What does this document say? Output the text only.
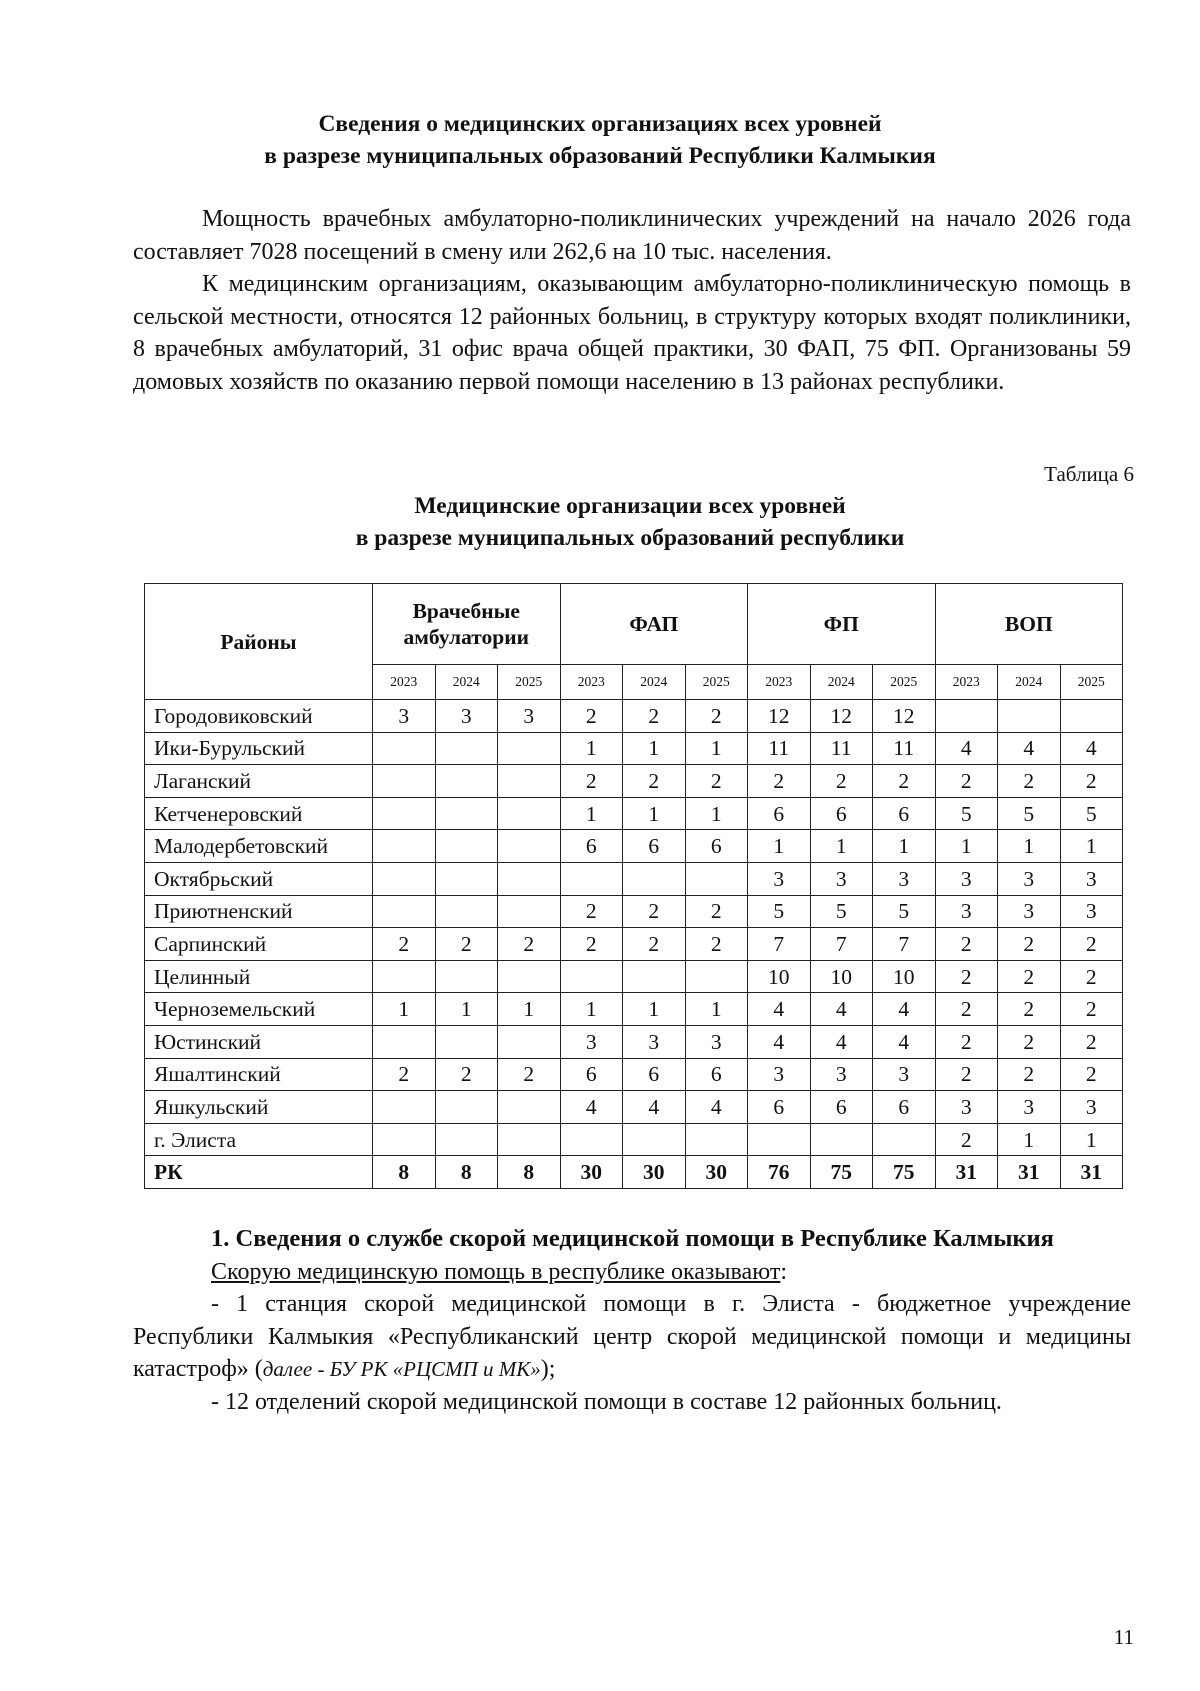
Сведения о медицинских организациях всех уровней
в разрезе муниципальных образований Республики Калмыкия

Мощность врачебных амбулаторно-поликлинических учреждений на начало 2026 года составляет 7028 посещений в смену или 262,6 на 10 тыс. населения.

К медицинским организациям, оказывающим амбулаторно-поликлиническую помощь в сельской местности, относятся 12 районных больниц, в структуру которых входят поликлиники, 8 врачебных амбулаторий, 31 офис врача общей практики, 30 ФАП, 75 ФП. Организованы 59 домовых хозяйств по оказанию первой помощи населению в 13 районах республики.

Таблица 6
Медицинские организации всех уровней
в разрезе муниципальных образований республики
Районы	Врачебные амбулатории			ФАП			ФП			ВОП		
	2023	2024	2025	2023	2024	2025	2023	2024	2025	2023	2024	2025
Городовиковский	3	3	3	2	2	2	12	12	12			
Ики-Бурульский				1	1	1	11	11	11	4	4	4
Лаганский				2	2	2	2	2	2	2	2	2
Кетченеровский				1	1	1	6	6	6	5	5	5
Малодербетовский				6	6	6	1	1	1	1	1	1
Октябрьский							3	3	3	3	3	3
Приютненский				2	2	2	5	5	5	3	3	3
Сарпинский	2	2	2	2	2	2	7	7	7	2	2	2
Целинный							10	10	10	2	2	2
Черноземельский	1	1	1	1	1	1	4	4	4	2	2	2
Юстинский				3	3	3	4	4	4	2	2	2
Яшалтинский	2	2	2	6	6	6	3	3	3	2	2	2
Яшкульский				4	4	4	6	6	6	3	3	3
г. Элиста										2	1	1
РК	8	8	8	30	30	30	76	75	75	31	31	31

1. Сведения о службе скорой медицинской помощи в Республике Калмыкия

Скорую медицинскую помощь в республике оказывают:

- 1 станция скорой медицинской помощи в г. Элиста - бюджетное учреждение Республики Калмыкия «Республиканский центр скорой медицинской помощи и медицины катастроф» (далее - БУ РК «РЦСМП и МК»);

- 12 отделений скорой медицинской помощи в составе 12 районных больниц.

11
